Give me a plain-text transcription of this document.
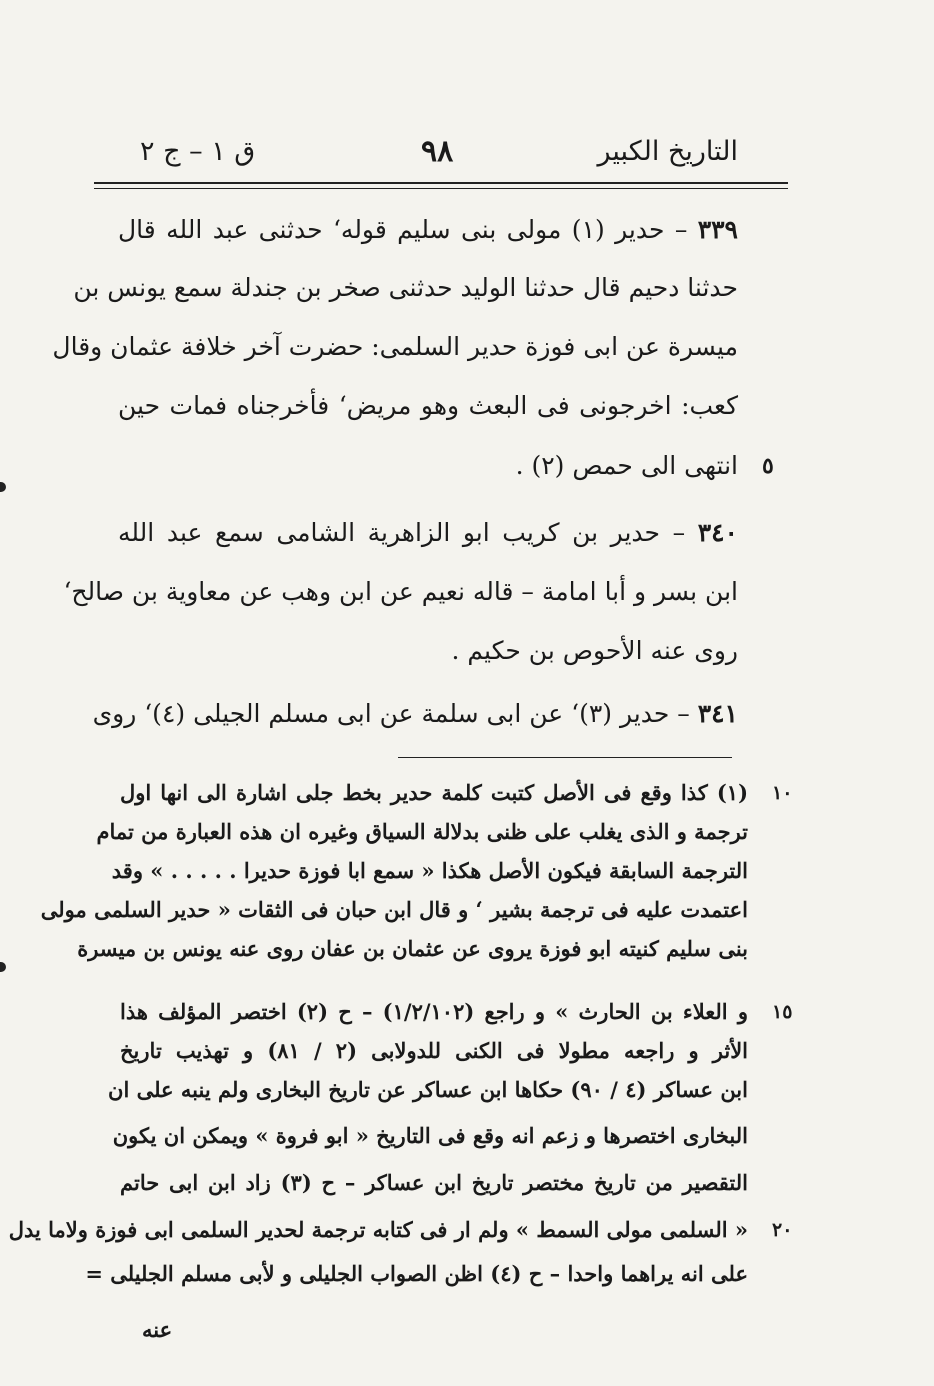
التاريخ الكبير
٩٨
ق ١ – ج ٢
٣٣٩ – حدير (١) مولى بنى سليم قوله‘ حدثنى عبد الله قال
حدثنا دحيم قال حدثنا الوليد حدثنى صخر بن جندلة سمع يونس بن
ميسرة عن ابى فوزة حدير السلمى: حضرت آخر خلافة عثمان وقال
كعب: اخرجونى فى البعث وهو مريض‘ فأخرجناه فمات حين
انتهى الى حمص (٢) . ٥
٣٤٠ – حدير بن كريب ابو الزاهرية الشامى سمع عبد الله
ابن بسر و أبا امامة – قاله نعيم عن ابن وهب عن معاوية بن صالح‘
روى عنه الأحوص بن حكيم .
٣٤١ – حدير (٣)‘ عن ابى سلمة عن ابى مسلم الجيلى (٤)‘ روى
(١) كذا وقع فى الأصل كتبت كلمة حدير بخط جلى اشارة الى انها اول ١٠
ترجمة و الذى يغلب على ظنى بدلالة السياق وغيره ان هذه العبارة من تمام
الترجمة السابقة فيكون الأصل هكذا « سمع ابا فوزة حديرا . . . . . » وقد
اعتمدت عليه فى ترجمة بشير ‘ و قال ابن حبان فى الثقات « حدير السلمى مولى
بنى سليم كنيته ابو فوزة يروى عن عثمان بن عفان روى عنه يونس بن ميسرة
و العلاء بن الحارث » و راجع (١/٢/١٠٢) – ح (٢) اختصر المؤلف هذا ١٥
الأثر و راجعه مطولا فى الكنى للدولابى (٢ / ٨١) و تهذيب تاريخ
ابن عساكر (٤ / ٩٠) حكاها ابن عساكر عن تاريخ البخارى ولم ينبه على ان
البخارى اختصرها و زعم انه وقع فى التاريخ « ابو فروة » ويمكن ان يكون
التقصير من تاريخ مختصر تاريخ ابن عساكر – ح (٣) زاد ابن ابى حاتم
« السلمى مولى السمط » ولم ار فى كتابه ترجمة لحدير السلمى ابى فوزة ولاما يدل ٢٠
على انه يراهما واحدا – ح (٤) اظن الصواب الجليلى و لأبى مسلم الجليلى =
عنه
